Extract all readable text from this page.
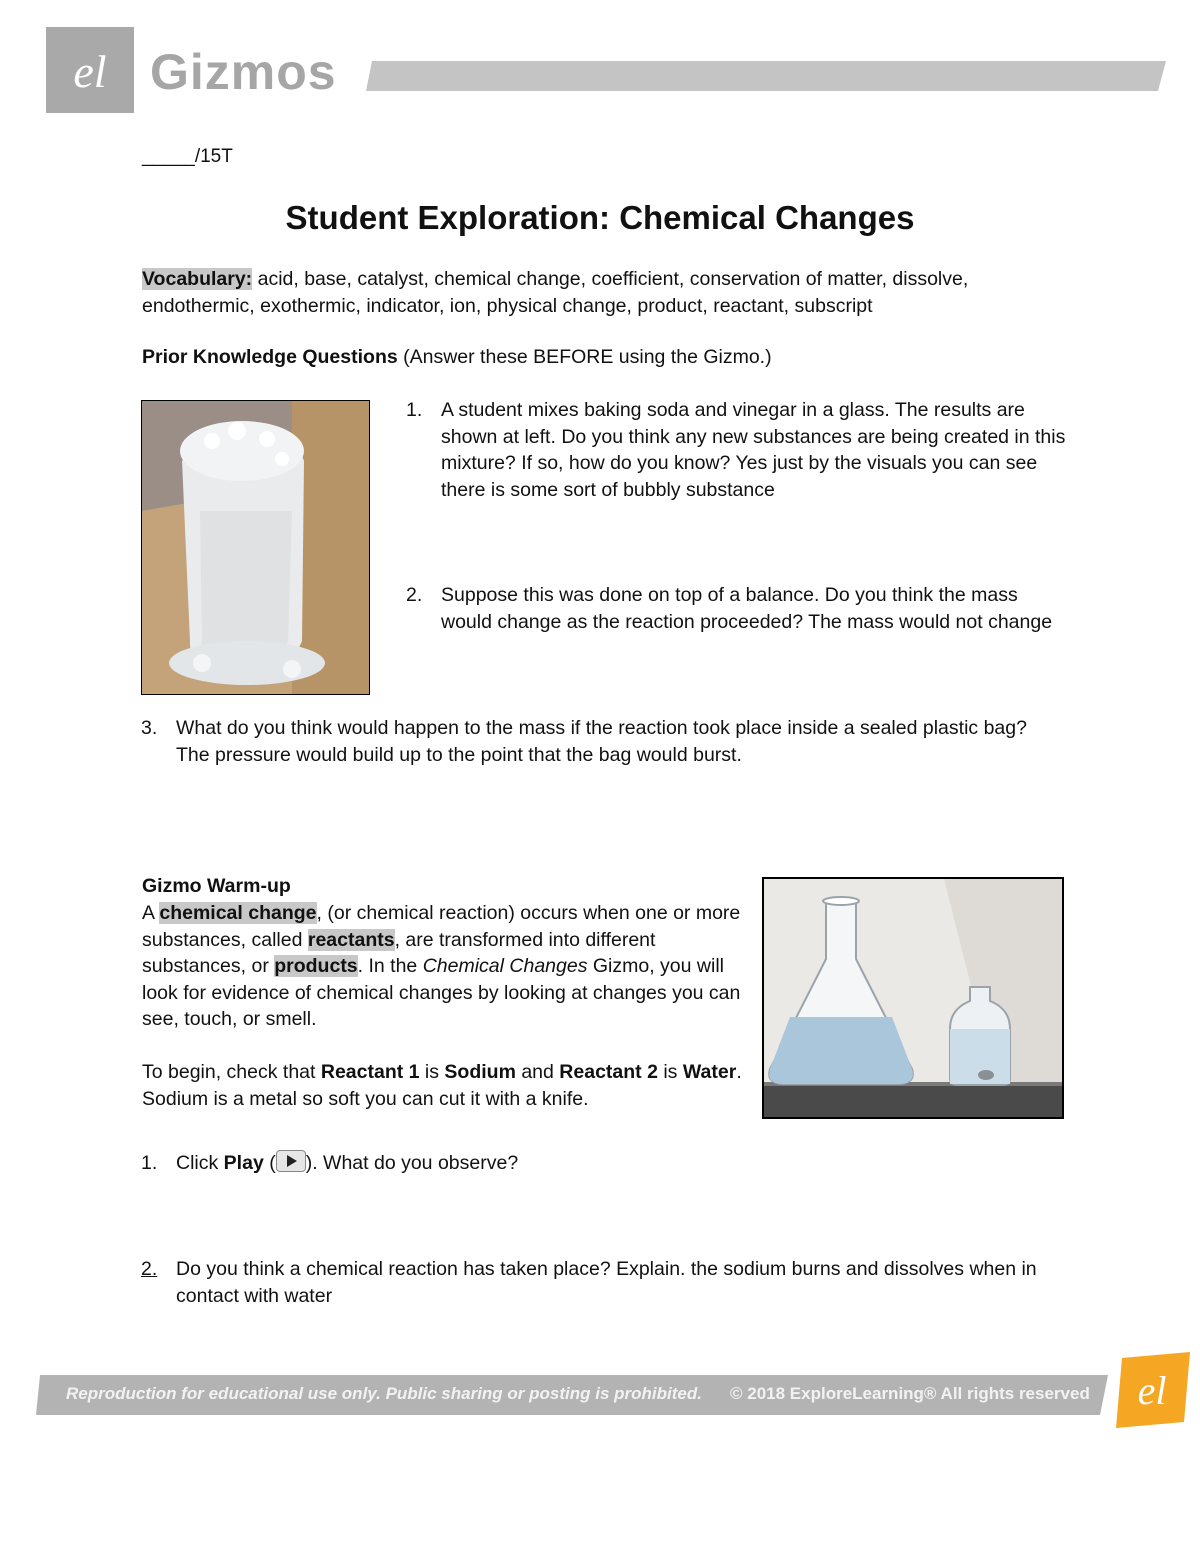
el Gizmos
_____/15T
Student Exploration: Chemical Changes
Vocabulary: acid, base, catalyst, chemical change, coefficient, conservation of matter, dissolve, endothermic, exothermic, indicator, ion, physical change, product, reactant, subscript
Prior Knowledge Questions (Answer these BEFORE using the Gizmo.)
1. A student mixes baking soda and vinegar in a glass. The results are shown at left. Do you think any new substances are being created in this mixture? If so, how do you know? Yes just by the visuals you can see there is some sort of bubbly substance
2. Suppose this was done on top of a balance. Do you think the mass would change as the reaction proceeded? The mass would not change
3. What do you think would happen to the mass if the reaction took place inside a sealed plastic bag? The pressure would build up to the point that the bag would burst.
Gizmo Warm-up
A chemical change, (or chemical reaction) occurs when one or more substances, called reactants, are transformed into different substances, or products. In the Chemical Changes Gizmo, you will look for evidence of chemical changes by looking at changes you can see, touch, or smell.
To begin, check that Reactant 1 is Sodium and Reactant 2 is Water. Sodium is a metal so soft you can cut it with a knife.
1. Click Play ( ). What do you observe?
2. Do you think a chemical reaction has taken place? Explain. the sodium burns and dissolves when in contact with water
Reproduction for educational use only. Public sharing or posting is prohibited. © 2018 ExploreLearning® All rights reserved el
